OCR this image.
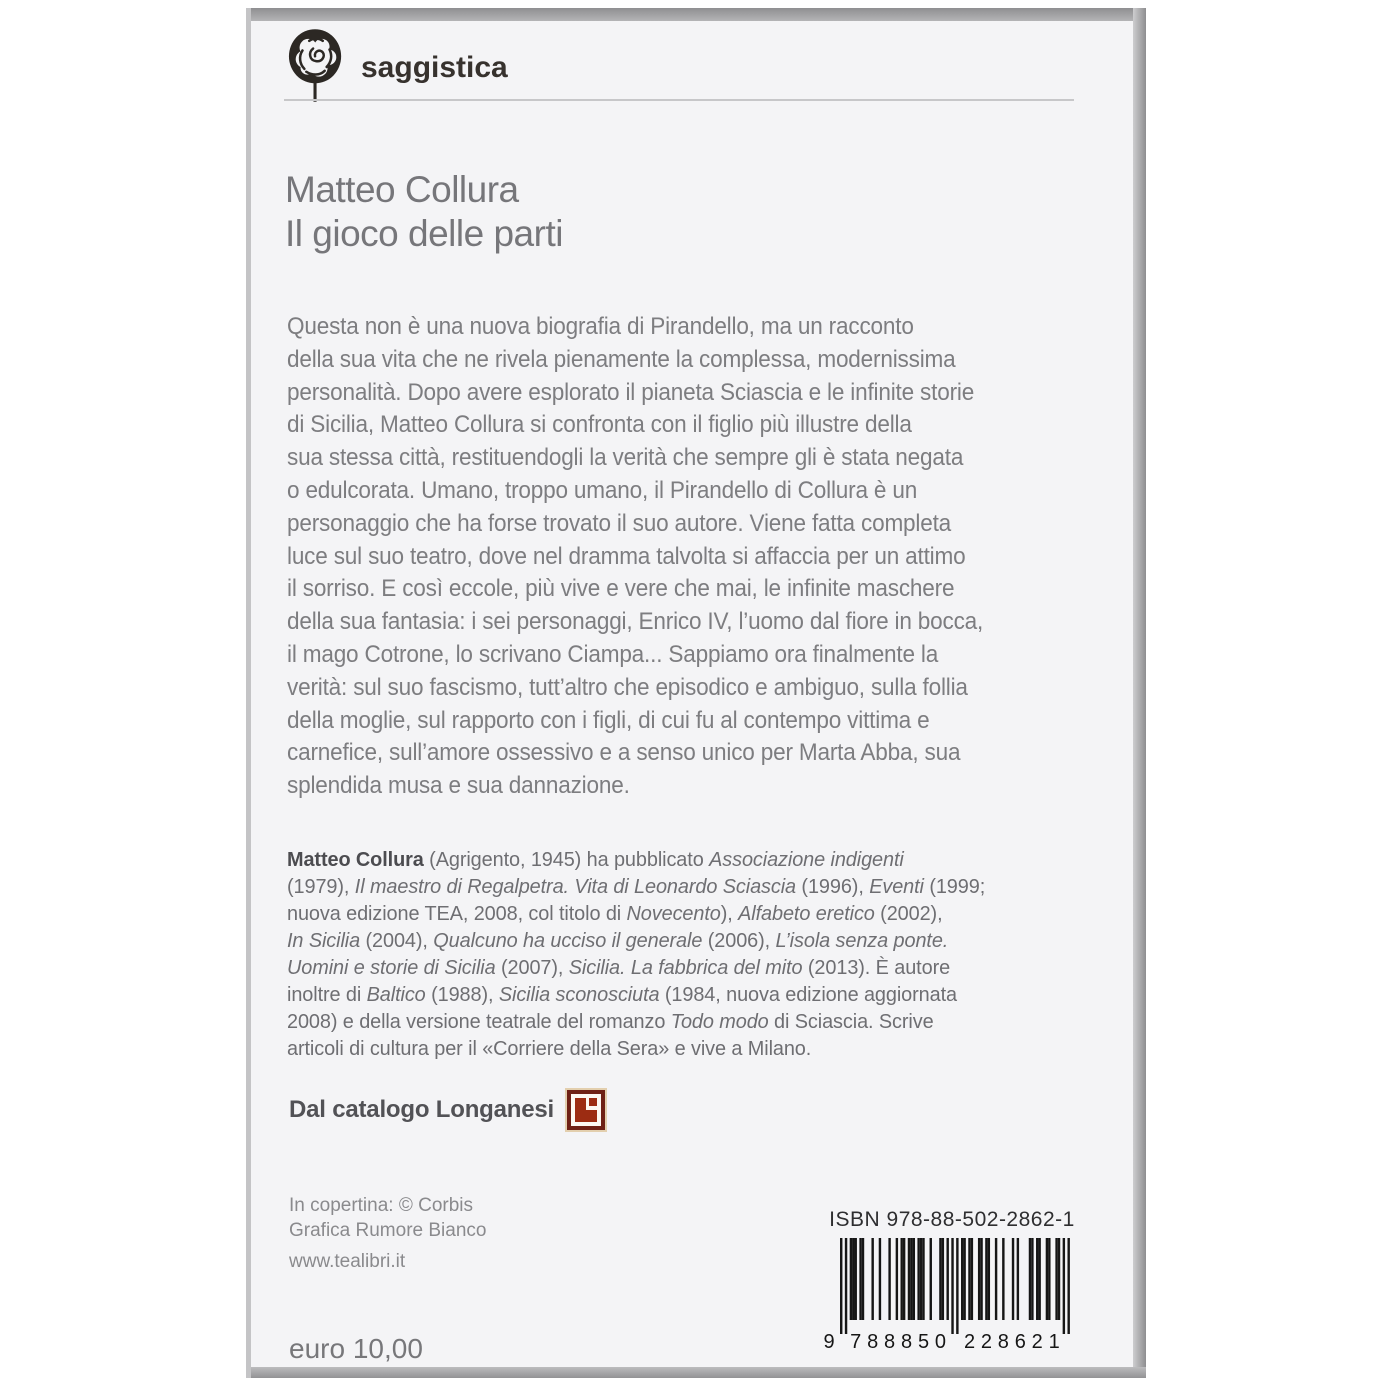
saggistica
Matteo Collura
Il gioco delle parti
Questa non è una nuova biografia di Pirandello, ma un racconto
della sua vita che ne rivela pienamente la complessa, modernissima
personalità. Dopo avere esplorato il pianeta Sciascia e le infinite storie
di Sicilia, Matteo Collura si confronta con il figlio più illustre della
sua stessa città, restituendogli la verità che sempre gli è stata negata
o edulcorata. Umano, troppo umano, il Pirandello di Collura è un
personaggio che ha forse trovato il suo autore. Viene fatta completa
luce sul suo teatro, dove nel dramma talvolta si affaccia per un attimo
il sorriso. E così eccole, più vive e vere che mai, le infinite maschere
della sua fantasia: i sei personaggi, Enrico IV, l’uomo dal fiore in bocca,
il mago Cotrone, lo scrivano Ciampa... Sappiamo ora finalmente la
verità: sul suo fascismo, tutt’altro che episodico e ambiguo, sulla follia
della moglie, sul rapporto con i figli, di cui fu al contempo vittima e
carnefice, sull’amore ossessivo e a senso unico per Marta Abba, sua
splendida musa e sua dannazione.
Matteo Collura (Agrigento, 1945) ha pubblicato Associazione indigenti
(1979), Il maestro di Regalpetra. Vita di Leonardo Sciascia (1996), Eventi (1999;
nuova edizione TEA, 2008, col titolo di Novecento), Alfabeto eretico (2002),
In Sicilia (2004), Qualcuno ha ucciso il generale (2006), L’isola senza ponte.
Uomini e storie di Sicilia (2007), Sicilia. La fabbrica del mito (2013). È autore
inoltre di Baltico (1988), Sicilia sconosciuta (1984, nuova edizione aggiornata
2008) e della versione teatrale del romanzo Todo modo di Sciascia. Scrive
articoli di cultura per il «Corriere della Sera» e vive a Milano.
Dal catalogo Longanesi
In copertina: © Corbis
Grafica Rumore Bianco
www.tealibri.it
euro 10,00
ISBN 978-88-502-2862-1
9 7	2
8	2
8	8
8	6
5	2
0	1
